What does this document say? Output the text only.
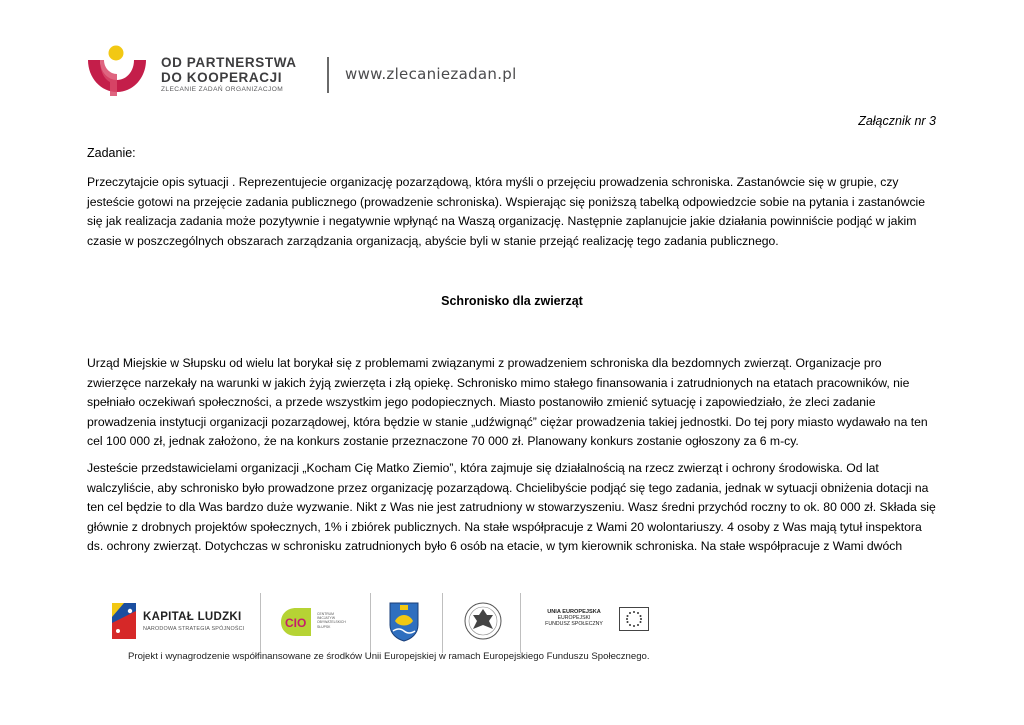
OD PARTNERSTWA
DO KOOPERACJI
ZLECANIE ZADAŃ ORGANIZACJOM
www.zlecaniezadan.pl
Załącznik nr 3
Zadanie:

Przeczytajcie opis sytuacji . Reprezentujecie organizację pozarządową, która myśli o przejęciu prowadzenia schroniska. Zastanówcie się w grupie, czy jesteście gotowi na przejęcie zadania publicznego (prowadzenie schroniska). Wspierając się poniższą tabelką odpowiedzcie sobie na pytania i zastanówcie się jak realizacja zadania może pozytywnie i negatywnie wpłynąć na Waszą organizację. Następnie zaplanujcie jakie działania powinniście podjąć w jakim czasie w poszczególnych obszarach zarządzania organizacją, abyście byli w stanie przejąć realizację tego zadania publicznego.

Schronisko dla zwierząt

Urząd Miejskie w Słupsku od wielu lat borykał się z problemami związanymi z prowadzeniem schroniska dla bezdomnych zwierząt. Organizacje pro zwierzęce narzekały na warunki w jakich żyją zwierzęta i złą opiekę. Schronisko mimo stałego finansowania i zatrudnionych na etatach pracowników, nie spełniało oczekiwań społeczności, a przede wszystkim jego podopiecznych. Miasto postanowiło zmienić sytuację i zapowiedziało, że zleci zadanie prowadzenia instytucji organizacji pozarządowej, która będzie w stanie „udźwignąć” ciężar prowadzenia takiej jednostki. Do tej pory miasto wydawało na ten cel 100 000 zł, jednak założono, że na konkurs zostanie przeznaczone 70 000 zł. Planowany konkurs zostanie ogłoszony za 6 m-cy.

Jesteście przedstawicielami organizacji „Kocham Cię Matko Ziemio”, która zajmuje się działalnością na rzecz zwierząt i ochrony środowiska. Od lat walczyliście, aby schronisko było prowadzone przez organizację pozarządową. Chcielibyście podjąć się tego zadania, jednak w sytuacji obniżenia dotacji na ten cel będzie to dla Was bardzo duże wyzwanie. Nikt z Was nie jest zatrudniony w stowarzyszeniu. Wasz średni przychód roczny to ok. 80 000 zł. Składa się głównie z drobnych projektów społecznych, 1% i zbiórek publicznych. Na stałe współpracuje z Wami 20 wolontariuszy. 4 osoby z Was mają tytuł inspektora ds. ochrony zwierząt. Dotychczas w schronisku zatrudnionych było 6 osób na etacie, w tym kierownik schroniska. Na stałe współpracuje z Wami dwóch

KAPITAŁ LUDZKI
NARODOWA STRATEGIA SPÓJNOŚCI	CIO
CENTRUM INICJATYW OBYWATELSKICH SŁUPSK
UNIA EUROPEJSKA
EUROPEJSKI
FUNDUSZ SPOŁECZNY
Projekt i wynagrodzenie współfinansowane ze środków Unii Europejskiej w ramach Europejskiego Funduszu Społecznego.
